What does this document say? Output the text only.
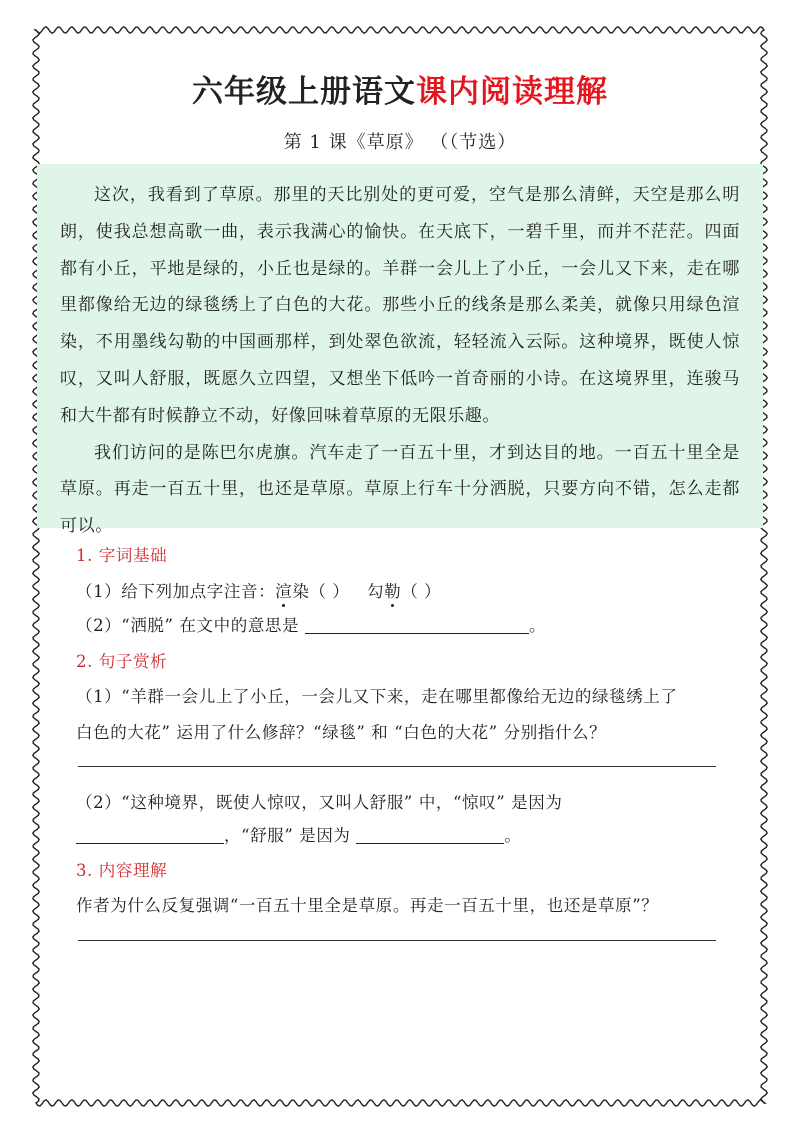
六年级上册语文课内阅读理解
第 1 课《草原》 （（节选）

这次，我看到了草原。那里的天比别处的更可爱，空气是那么清鲜，天空是那么明朗，使我总想高歌一曲，表示我满心的愉快。在天底下，一碧千里，而并不茫茫。四面都有小丘，平地是绿的，小丘也是绿的。羊群一会儿上了小丘，一会儿又下来，走在哪里都像给无边的绿毯绣上了白色的大花。那些小丘的线条是那么柔美，就像只用绿色渲染，不用墨线勾勒的中国画那样，到处翠色欲流，轻轻流入云际。这种境界，既使人惊叹，又叫人舒服，既愿久立四望，又想坐下低吟一首奇丽的小诗。在这境界里，连骏马和大牛都有时候静立不动，好像回味着草原的无限乐趣。

我们访问的是陈巴尔虎旗。汽车走了一百五十里，才到达目的地。一百五十里全是草原。再走一百五十里，也还是草原。草原上行车十分洒脱，只要方向不错，怎么走都可以。

1. 字词基础
（1）给下列加点字注音：渲染（ ） 勾勒（ ）
（2）“洒脱” 在文中的意思是	。
2. 句子赏析
（1）“羊群一会儿上了小丘，一会儿又下来，走在哪里都像给无边的绿毯绣上了
白色的大花” 运用了什么修辞？“绿毯” 和 “白色的大花” 分别指什么？
（2）“这种境界，既使人惊叹，又叫人舒服” 中，“惊叹” 是因为
，“舒服” 是因为	。
3. 内容理解
作者为什么反复强调“一百五十里全是草原。再走一百五十里，也还是草原”？
